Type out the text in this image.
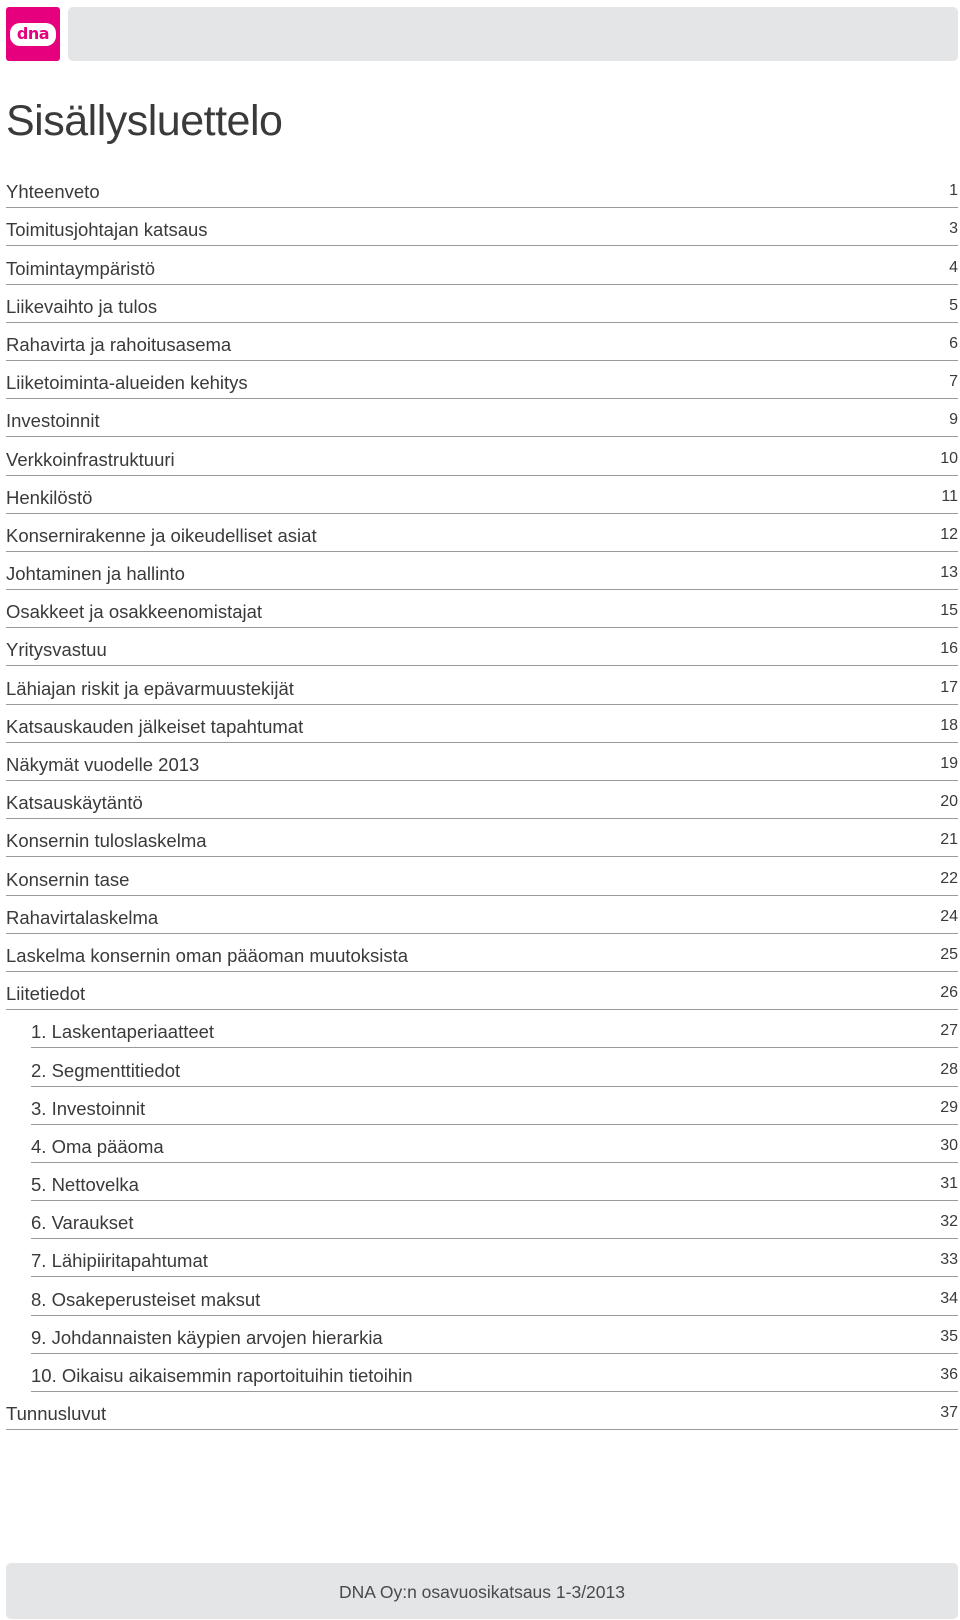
dna
Sisällysluettelo
Yhteenveto	1
Toimitusjohtajan katsaus	3
Toimintaympäristö	4
Liikevaihto ja tulos	5
Rahavirta ja rahoitusasema	6
Liiketoiminta-alueiden kehitys	7
Investoinnit	9
Verkkoinfrastruktuuri	10
Henkilöstö	11
Konsernirakenne ja oikeudelliset asiat	12
Johtaminen ja hallinto	13
Osakkeet ja osakkeenomistajat	15
Yritysvastuu	16
Lähiajan riskit ja epävarmuustekijät	17
Katsauskauden jälkeiset tapahtumat	18
Näkymät vuodelle 2013	19
Katsauskäytäntö	20
Konsernin tuloslaskelma	21
Konsernin tase	22
Rahavirtalaskelma	24
Laskelma konsernin oman pääoman muutoksista	25
Liitetiedot	26
1. Laskentaperiaatteet	27
2. Segmenttitiedot	28
3. Investoinnit	29
4. Oma pääoma	30
5. Nettovelka	31
6. Varaukset	32
7. Lähipiiritapahtumat	33
8. Osakeperusteiset maksut	34
9. Johdannaisten käypien arvojen hierarkia	35
10. Oikaisu aikaisemmin raportoituihin tietoihin	36
Tunnusluvut	37
DNA Oy:n osavuosikatsaus 1-3/2013
